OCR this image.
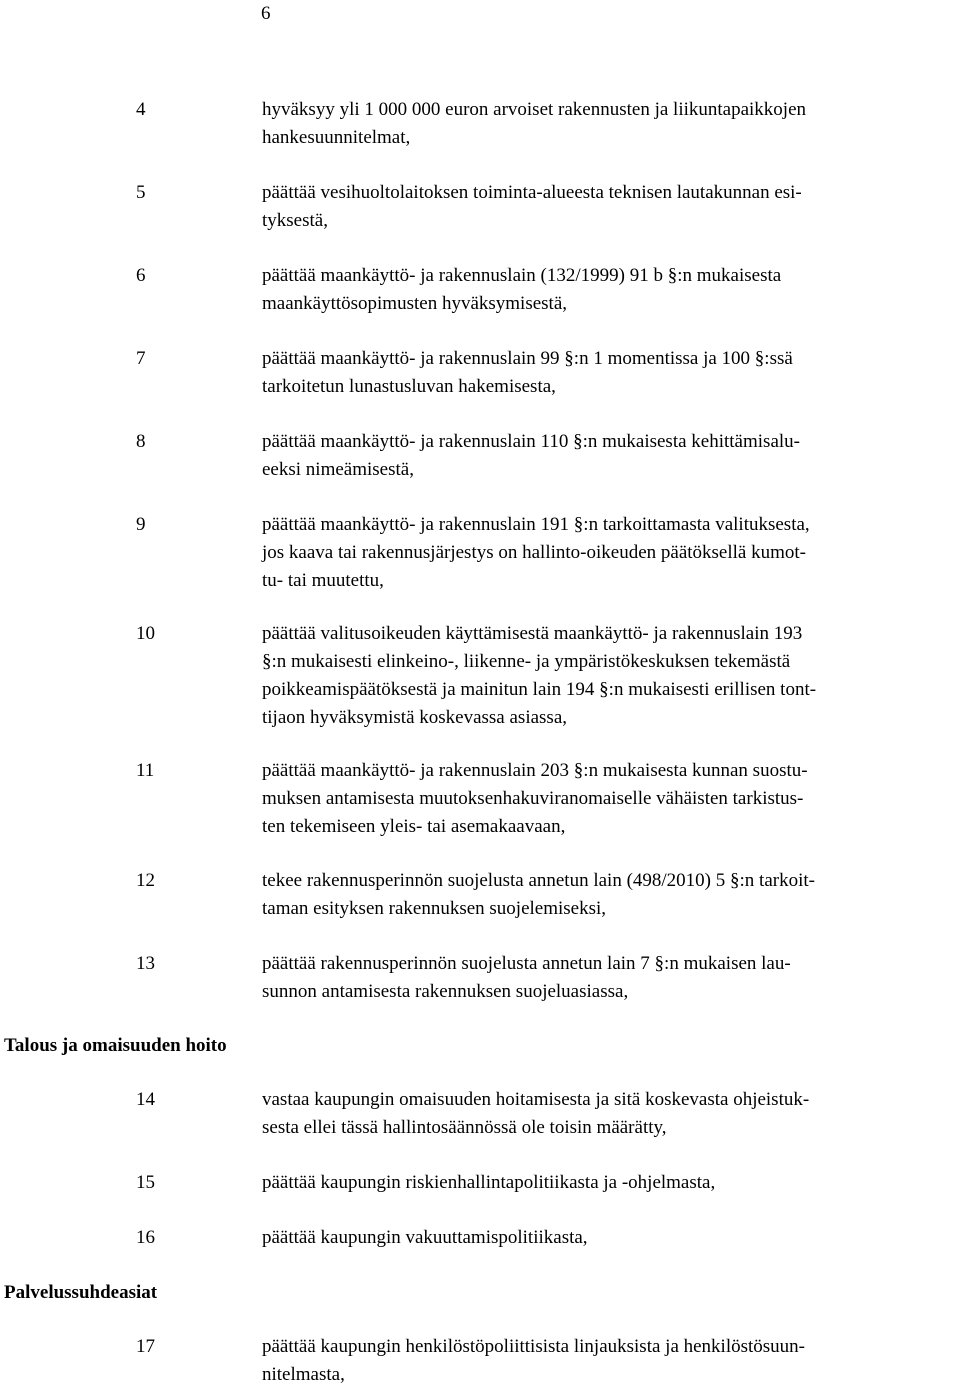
6
4	hyväksyy yli 1 000 000 euron arvoiset rakennusten ja liikuntapaikkojen
hankesuunnitelmat,
5	päättää vesihuoltolaitoksen toiminta-alueesta teknisen lautakunnan esi-
tyksestä,
6	päättää maankäyttö- ja rakennuslain (132/1999) 91 b §:n mukaisesta
maankäyttösopimusten hyväksymisestä,
7	päättää maankäyttö- ja rakennuslain 99 §:n 1 momentissa ja 100 §:ssä
tarkoitetun lunastusluvan hakemisesta,
8	päättää maankäyttö- ja rakennuslain 110 §:n mukaisesta kehittämisalu-
eeksi nimeämisestä,
9	päättää maankäyttö- ja rakennuslain 191 §:n tarkoittamasta valituksesta,
jos kaava tai rakennusjärjestys on hallinto-oikeuden päätöksellä kumot-
tu- tai muutettu,
10	päättää valitusoikeuden käyttämisestä maankäyttö- ja rakennuslain 193
§:n mukaisesti elinkeino-, liikenne- ja ympäristökeskuksen tekemästä
poikkeamispäätöksestä ja mainitun lain 194 §:n mukaisesti erillisen tont-
tijaon hyväksymistä koskevassa asiassa,
11	päättää maankäyttö- ja rakennuslain 203 §:n mukaisesta kunnan suostu-
muksen antamisesta muutoksenhakuviranomaiselle vähäisten tarkistus-
ten tekemiseen yleis- tai asemakaavaan,
12	tekee rakennusperinnön suojelusta annetun lain (498/2010) 5 §:n tarkoit-
taman esityksen rakennuksen suojelemiseksi,
13	päättää rakennusperinnön suojelusta annetun lain 7 §:n mukaisen lau-
sunnon antamisesta rakennuksen suojeluasiassa,
Talous ja omaisuuden hoito
14	vastaa kaupungin omaisuuden hoitamisesta ja sitä koskevasta ohjeistuk-
sesta ellei tässä hallintosäännössä ole toisin määrätty,
15	päättää kaupungin riskienhallintapolitiikasta ja -ohjelmasta,
16	päättää kaupungin vakuuttamispolitiikasta,
Palvelussuhdeasiat
17	päättää kaupungin henkilöstöpoliittisista linjauksista ja henkilöstösuun-
nitelmasta,
